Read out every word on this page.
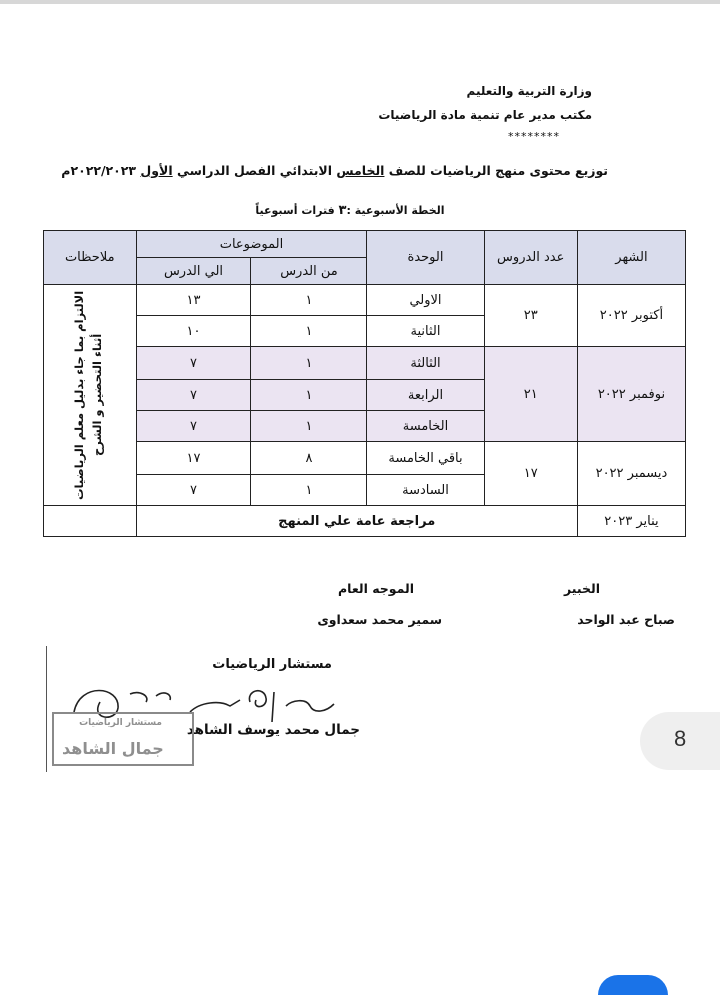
وزارة التربية والتعليم
مكتب مدير عام تنمية مادة الرياضيات
********
توزيع محتوى منهج الرياضيات للصف الخامس الابتدائي الفصل الدراسي الأول ٢٠٢٢/٢٠٢٣م
الخطة الأسبوعية :٣ فترات أسبوعياً
الشهر	عدد الدروس	الوحدة	الموضوعات		ملاحظات
			من الدرس	الي الدرس	
أكتوبر ٢٠٢٢	٢٣	الاولي	١	١٣	الالتزام بما جاء بدليل معلم الرياضيات أثناء التحضير و الشرح

		الثانية	١	١٠	
نوفمبر ٢٠٢٢	٢١	الثالثة	١	٧	
		الرابعة	١	٧	
		الخامسة	١	٧	
ديسمبر ٢٠٢٢	١٧	باقي الخامسة	٨	١٧	
		السادسة	١	٧	
يناير ٢٠٢٣	مراجعة عامة علي المنهج				
الخبير
صباح عبد الواحد
الموجه العام
سمير محمد سعداوى
مستشار الرياضيات
جمال محمد يوسف الشاهد
مستشار الرياضيات
جمال الشاهد	8
